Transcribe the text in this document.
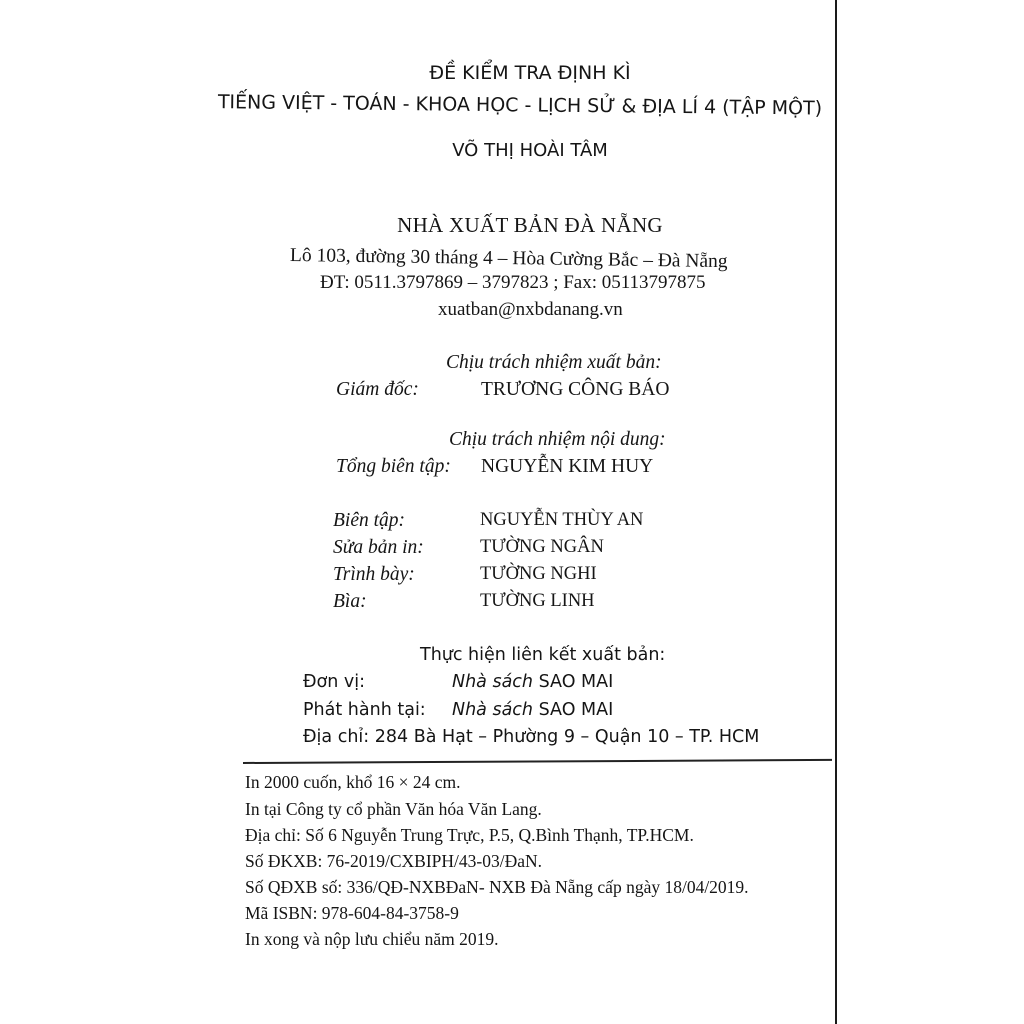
ĐỀ KIỂM TRA ĐỊNH KÌ
TIẾNG VIỆT - TOÁN - KHOA HỌC - LỊCH SỬ & ĐỊA LÍ 4 (TẬP MỘT)
VÕ THỊ HOÀI TÂM
NHÀ XUẤT BẢN ĐÀ NẴNG
Lô 103, đường 30 tháng 4 – Hòa Cường Bắc – Đà Nẵng
ĐT: 0511.3797869 – 3797823 ; Fax: 05113797875
xuatban@nxbdanang.vn
Chịu trách nhiệm xuất bản:
Giám đốc:	TRƯƠNG CÔNG BÁO
Chịu trách nhiệm nội dung:
Tổng biên tập: NGUYỄN KIM HUY
Biên tập:	NGUYỄN THÙY AN
Sửa bản in:	TƯỜNG NGÂN
Trình bày:	TƯỜNG NGHI
Bìa:	TƯỜNG LINH
Thực hiện liên kết xuất bản:
Đơn vị:	Nhà sách SAO MAI
Phát hành tại: Nhà sách SAO MAI
Địa chỉ: 284 Bà Hạt – Phường 9 – Quận 10 – TP. HCM
In 2000 cuốn, khổ 16 × 24 cm.
In tại Công ty cổ phần Văn hóa Văn Lang.
Địa chỉ: Số 6 Nguyễn Trung Trực, P.5, Q.Bình Thạnh, TP.HCM.
Số ĐKXB: 76-2019/CXBIPH/43-03/ĐaN.
Số QĐXB số: 336/QĐ-NXBĐaN- NXB Đà Nẵng cấp ngày 18/04/2019.
Mã ISBN: 978-604-84-3758-9
In xong và nộp lưu chiểu năm 2019.
